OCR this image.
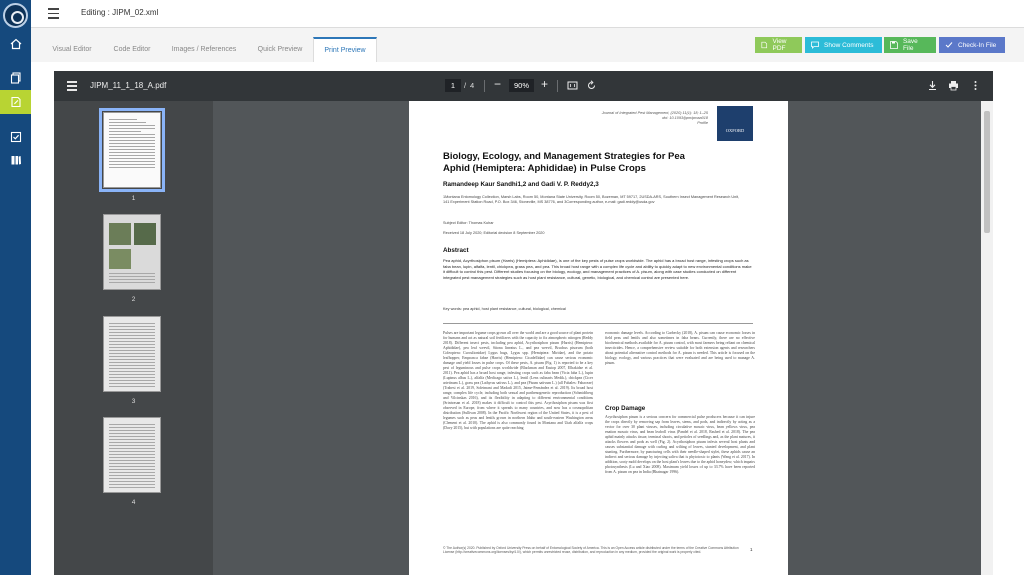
Editing : JIPM_02.xml
Visual Editor	Code Editor	Images / References	Quick Preview	Print Preview
View PDF	Show Comments	Save File	Check-In File
JIPM_11_1_18_A.pdf	1	/ 4 −	90%	+
1
2
3
4
Journal of Integrated Pest Management, (2020) 11(1): 18; 1–25
doi: 10.1093/jipm/pmaa018
Profile
OXFORD
Biology, Ecology, and Management Strategies for Pea Aphid (Hemiptera: Aphididae) in Pulse Crops
Ramandeep Kaur Sandhi1,2 and Gadi V. P. Reddy2,3
1Montana Entomology Collection, Marsh Labs, Room 50, Montana State University, Room 50, Bozeman, MT 59717, 2USDA-ARS, Southern Insect Management Research Unit, 141 Experiment Station Road, P.O. Box 346, Stoneville, MS 38776, and 3Corresponding author, e-mail: gadi.reddy@usda.gov
Subject Editor: Thomas Kuhar
Received 18 July 2020; Editorial decision 8 September 2020
Abstract
Pea aphid, Acyrthosiphon pisum (Harris) (Hemiptera: Aphididae), is one of the key pests of pulse crops worldwide. The aphid has a broad host range, infesting crops such as faba bean, lupin, alfalfa, lentil, chickpea, grass pea, and pea. This broad host range with a complex life cycle and ability to quickly adapt to new environmental conditions make it difficult to control this pest. Different studies focusing on the biology, ecology, and management practices of A. pisum, along with case studies conducted on different integrated pest management strategies such as host plant resistance, cultural, genetic, biological, and chemical control are presented here.
Key words: pea aphid, host plant resistance, cultural, biological, chemical
Pulses are important legume crops grown all over the world and are a good source of plant protein for humans and act as natural soil fertilizers with the capacity to fix atmospheric nitrogen (Reddy 2018). Different insect pests, including pea aphid, Acyrthosiphon pisum (Harris) (Hemiptera: Aphididae), pea leaf weevil, Sitona lineatus L., and pea weevil, Bruchus pisorum (both Coleoptera: Curculionidae) Lygus bugs, Lygus spp. (Hemiptera: Miridae), and the potato leafhopper, Empoasca fabae (Harris) (Hemiptera: Cicadellidae) can cause serious economic damage and yield losses in pulse crops. Of these pests, A. pisum (Fig. 1) is reported to be a key pest of leguminous and pulse crops worldwide (Blackman and Eastop 2007, Elbakidze et al. 2011). Pea aphid has a broad host range, infesting crops such as faba bean (Vicia faba L.), lupin (Lupinus albus L.), alfalfa (Medicago sativa L.), lentil (Lens culinaris Medik.), chickpea (Cicer arietinum L.), grass pea (Lathyrus sativus L.), and pea (Pisum sativum L.) (all Fabales: Fabaceae) (Trabesi et al. 2019, Soleimani and Madadi 2015, Jaime-Fernández et al. 2019). Its broad host range, complex life cycle, including both sexual and parthenogenetic reproduction (Schmidtberg and Vilcinskas 2016), and its flexibility in adapting to different environmental conditions (Srinivasan et al. 2018) makes it difficult to control this pest. Acyrthosiphon pisum was first observed in Europe, from where it spreads to many countries, and now has a cosmopolitan distribution (Sullivan 2008). In the Pacific Northwest region of the United States, it is a pest of legumes such as peas and lentils grown in northern Idaho and south-eastern Washington areas (Clement et al. 2010). The aphid is also commonly found in Montana and Utah alfalfa crops (Davy 2015), but with populations are quite reaching
economic damage levels. According to Garbecky (2018), A. pisum can cause economic losses in field peas and lentils and also sometimes in faba beans. Currently, there are no effective biochemical methods available for A. pisum control, with most farmers being reliant on chemical insecticides. Hence, a comprehensive review suitable for both extension agents and researchers about potential alternative control methods for A. pisum is needed. This article is focused on the biology, ecology, and various practices that were evaluated and are being used to manage A. pisum.
Crop Damage
Acyrthosiphon pisum is a serious concern for commercial pulse producers because it can injure the crops directly by removing sap from leaves, stems, and pods, and indirectly by acting as a vector for over 30 plant viruses, including circulative mosaic virus, bean yellows virus, pea enation mosaic virus, and bean leafroll virus (Pandel et al. 2018, Rashed et al. 2018). The pea aphid mainly attacks tissue, terminal shoots, and petioles of seedlings and, as the plant matures, it attacks flowers and pods as well (Fig. 2). Acyrthosiphon pisum infests several host plants and causes substantial damage with curling and wilting of leaves, stunted development, and plant stunting. Furthermore, by puncturing cells with their needle-shaped stylet, these aphids cause an indirect and serious damage by injecting saliva that is phytotoxic to plants (Wang et al. 2017). In addition, sooty mold develops on the host plant's leaves due to the aphid honeydew, which impairs photosynthesis (Lu and Xiao 2008). Maximum yield losses of up to 33.7% have been reported from A. pisum on pea in India (Bhatnagar 1996).
© The Author(s) 2020. Published by Oxford University Press on behalf of Entomological Society of America. This is an Open Access article distributed under the terms of the Creative Commons Attribution License (http://creativecommons.org/licenses/by/4.0/), which permits unrestricted reuse, distribution, and reproduction in any medium, provided the original work is properly cited.
1
